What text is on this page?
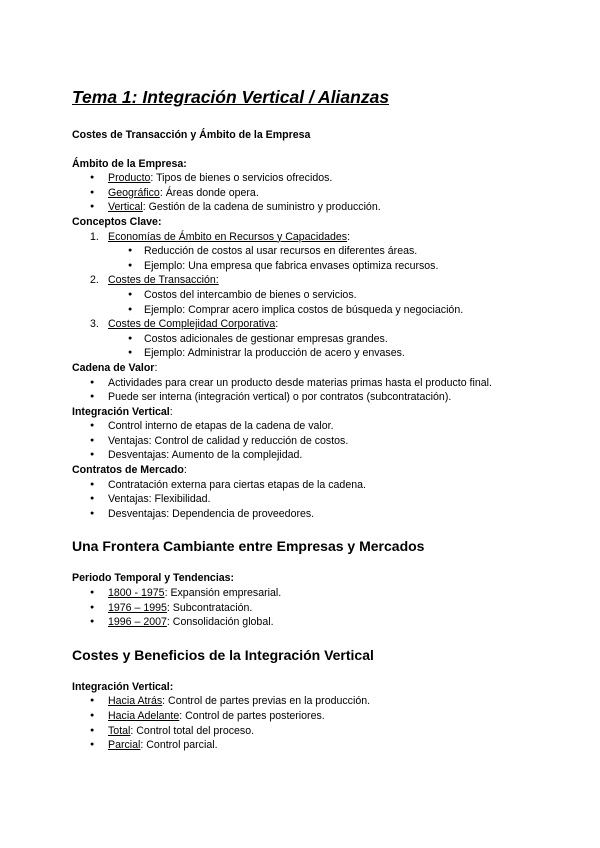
Tema 1: Integración Vertical / Alianzas

Costes de Transacción y Ámbito de la Empresa

Ámbito de la Empresa:

● Producto: Tipos de bienes o servicios ofrecidos.
● Geográfico: Áreas donde opera.
● Vertical: Gestión de la cadena de suministro y producción.

Conceptos Clave:

1. Economías de Ámbito en Recursos y Capacidades:
● Reducción de costos al usar recursos en diferentes áreas.
● Ejemplo: Una empresa que fabrica envases optimiza recursos.
2. Costes de Transacción:
● Costos del intercambio de bienes o servicios.
● Ejemplo: Comprar acero implica costos de búsqueda y negociación.
3. Costes de Complejidad Corporativa:
● Costos adicionales de gestionar empresas grandes.
● Ejemplo: Administrar la producción de acero y envases.

Cadena de Valor:

● Actividades para crear un producto desde materias primas hasta el producto final.
● Puede ser interna (integración vertical) o por contratos (subcontratación).

Integración Vertical:

● Control interno de etapas de la cadena de valor.
● Ventajas: Control de calidad y reducción de costos.
● Desventajas: Aumento de la complejidad.

Contratos de Mercado:

● Contratación externa para ciertas etapas de la cadena.
● Ventajas: Flexibilidad.
● Desventajas: Dependencia de proveedores.
Una Frontera Cambiante entre Empresas y Mercados

Periodo Temporal y Tendencias:

● 1800 - 1975: Expansión empresarial.
● 1976 – 1995: Subcontratación.
● 1996 – 2007: Consolidación global.
Costes y Beneficios de la Integración Vertical

Integración Vertical:

● Hacia Atrás: Control de partes previas en la producción.
● Hacia Adelante: Control de partes posteriores.
● Total: Control total del proceso.
● Parcial: Control parcial.
